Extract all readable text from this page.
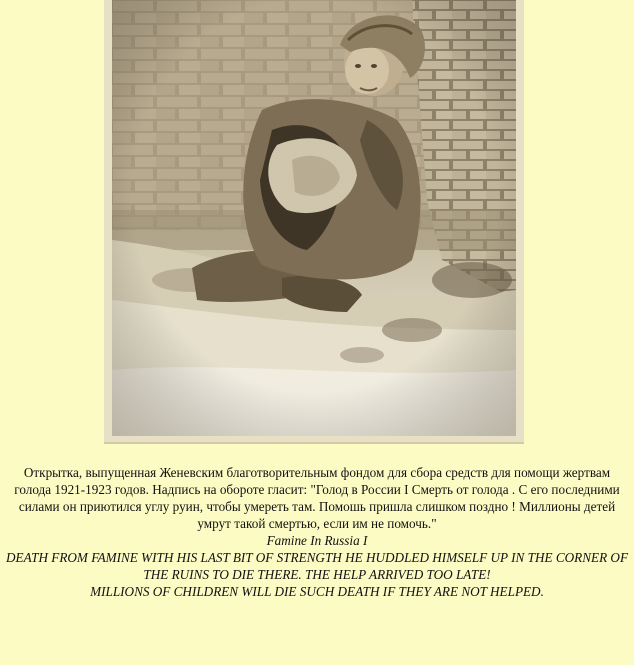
Открытка, выпущенная Женевским благотворительным фондом для сбора средств для помощи жертвам голода 1921-1923 годов. Надпись на обороте гласит: "Голод в России I Смерть от голода . С его последними силами он приютился углу руин, чтобы умереть там. Помошь пришла слишком поздно ! Миллионы детей умрут такой смертью, если им не помочь."
Famine In Russia I
DEATH FROM FAMINE WITH HIS LAST BIT OF STRENGTH HE HUDDLED HIMSELF UP IN THE CORNER OF THE RUINS TO DIE THERE. THE HELP ARRIVED TOO LATE!
MILLIONS OF CHILDREN WILL DIE SUCH DEATH IF THEY ARE NOT HELPED.
